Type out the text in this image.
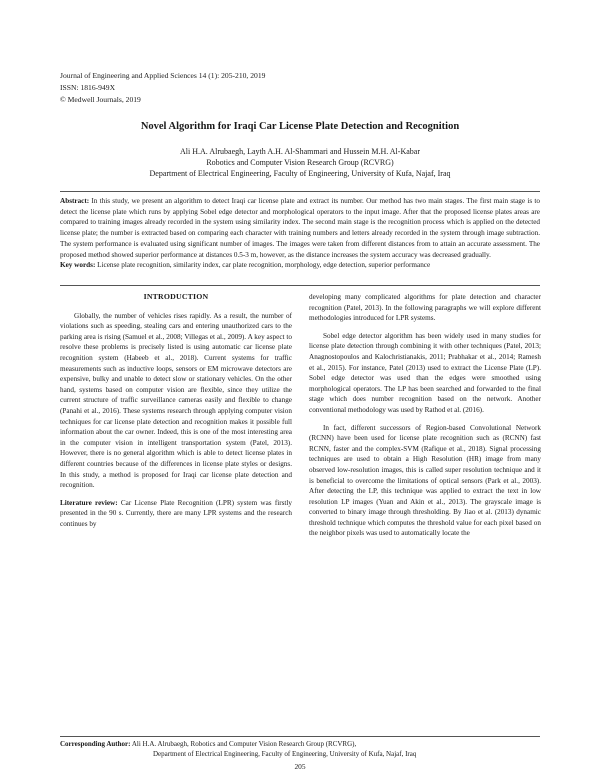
Journal of Engineering and Applied Sciences 14 (1): 205-210, 2019
ISSN: 1816-949X
© Medwell Journals, 2019
Novel Algorithm for Iraqi Car License Plate Detection and Recognition
Ali H.A. Alrubaegh, Layth A.H. Al-Shammari and Hussein M.H. Al-Kabar
Robotics and Computer Vision Research Group (RCVRG)
Department of Electrical Engineering, Faculty of Engineering, University of Kufa, Najaf, Iraq
Abstract: In this study, we present an algorithm to detect Iraqi car license plate and extract its number. Our method has two main stages. The first main stage is to detect the license plate which runs by applying Sobel edge detector and morphological operators to the input image. After that the proposed license plates areas are compared to training images already recorded in the system using similarity index. The second main stage is the recognition process which is applied on the detected license plate; the number is extracted based on comparing each character with training numbers and letters already recorded in the system through image subtraction. The system performance is evaluated using significant number of images. The images were taken from different distances from to attain an accurate assessment. The proposed method showed superior performance at distances 0.5-3 m, however, as the distance increases the system accuracy was decreased gradually.
Key words: License plate recognition, similarity index, car plate recognition, morphology, edge detection, superior performance
INTRODUCTION

Globally, the number of vehicles rises rapidly. As a result, the number of violations such as speeding, stealing cars and entering unauthorized cars to the parking area is rising (Samuel et al., 2008; Villegas et al., 2009). A key aspect to resolve these problems is precisely listed is using automatic car license plate recognition system (Habeeb et al., 2018). Current systems for traffic measurements such as inductive loops, sensors or EM microwave detectors are expensive, bulky and unable to detect slow or stationary vehicles. On the other hand, systems based on computer vision are flexible, since they utilize the current structure of traffic surveillance cameras easily and flexible to change (Panahi et al., 2016). These systems research through applying computer vision techniques for car license plate detection and recognition makes it possible full information about the car owner. Indeed, this is one of the most interesting area in the computer vision in intelligent transportation system (Patel, 2013). However, there is no general algorithm which is able to detect license plates in different countries because of the differences in license plate styles or designs. In this study, a method is proposed for Iraqi car license plate detection and recognition.

Literature review: Car License Plate Recognition (LPR) system was firstly presented in the 90 s. Currently, there are many LPR systems and the research continues by

developing many complicated algorithms for plate detection and character recognition (Patel, 2013). In the following paragraphs we will explore different methodologies introduced for LPR systems.

Sobel edge detector algorithm has been widely used in many studies for license plate detection through combining it with other techniques (Patel, 2013; Anagnostopoulos and Kalochristianakis, 2011; Prabhakar et al., 2014; Ramesh et al., 2015). For instance, Patel (2013) used to extract the License Plate (LP). Sobel edge detector was used than the edges were smoothed using morphological operators. The LP has been searched and forwarded to the final stage which does number recognition based on the network. Another conventional methodology was used by Rathod et al. (2016).

In fact, different successors of Region-based Convolutional Network (RCNN) have been used for license plate recognition such as (RCNN) fast RCNN, faster and the complex-SVM (Rafique et al., 2018). Signal processing techniques are used to obtain a High Resolution (HR) image from many observed low-resolution images, this is called super resolution technique and it is beneficial to overcome the limitations of optical sensors (Park et al., 2003). After detecting the LP, this technique was applied to extract the text in low resolution LP images (Yuan and Akin et al., 2013). The grayscale image is converted to binary image through thresholding. By Jiao et al. (2013) dynamic threshold technique which computes the threshold value for each pixel based on the neighbor pixels was used to automatically locate the

Corresponding Author: Ali H.A. Alrubaegh, Robotics and Computer Vision Research Group (RCVRG),
Department of Electrical Engineering, Faculty of Engineering, University of Kufa, Najaf, Iraq
205
